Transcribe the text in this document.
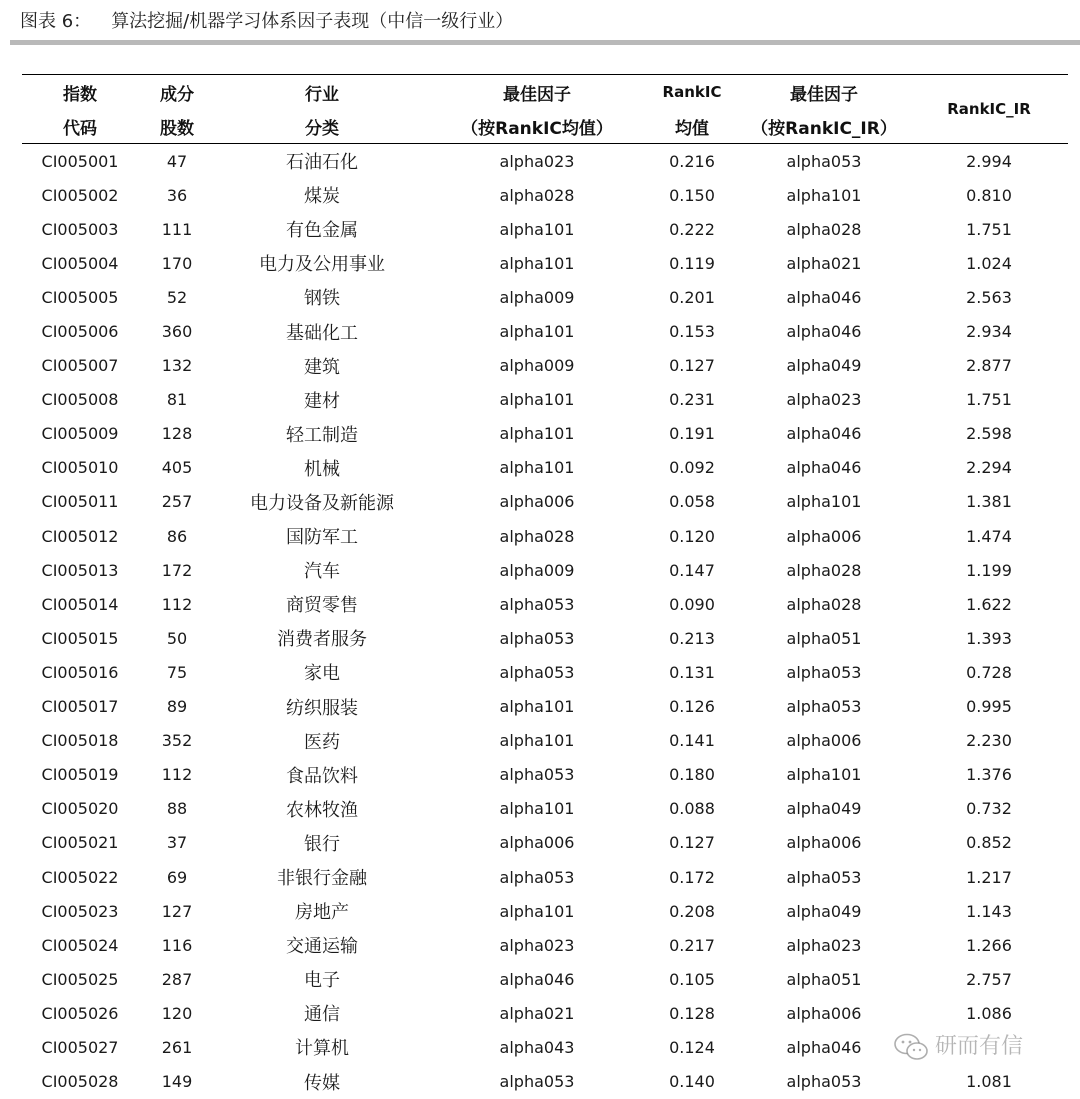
图表 6： 算法挖掘/机器学习体系因子表现（中信一级行业）
指数	成分	行业	最佳因子	RankIC	最佳因子	RankIC_IR
代码	股数	分类	（按RankIC均值）	均值	（按RankIC_IR）	
CI005001	47	石油石化	alpha023	0.216	alpha053	2.994
CI005002	36	煤炭	alpha028	0.150	alpha101	0.810
CI005003	111	有色金属	alpha101	0.222	alpha028	1.751
CI005004	170	电力及公用事业	alpha101	0.119	alpha021	1.024
CI005005	52	钢铁	alpha009	0.201	alpha046	2.563
CI005006	360	基础化工	alpha101	0.153	alpha046	2.934
CI005007	132	建筑	alpha009	0.127	alpha049	2.877
CI005008	81	建材	alpha101	0.231	alpha023	1.751
CI005009	128	轻工制造	alpha101	0.191	alpha046	2.598
CI005010	405	机械	alpha101	0.092	alpha046	2.294
CI005011	257	电力设备及新能源	alpha006	0.058	alpha101	1.381
CI005012	86	国防军工	alpha028	0.120	alpha006	1.474
CI005013	172	汽车	alpha009	0.147	alpha028	1.199
CI005014	112	商贸零售	alpha053	0.090	alpha028	1.622
CI005015	50	消费者服务	alpha053	0.213	alpha051	1.393
CI005016	75	家电	alpha053	0.131	alpha053	0.728
CI005017	89	纺织服装	alpha101	0.126	alpha053	0.995
CI005018	352	医药	alpha101	0.141	alpha006	2.230
CI005019	112	食品饮料	alpha053	0.180	alpha101	1.376
CI005020	88	农林牧渔	alpha101	0.088	alpha049	0.732
CI005021	37	银行	alpha006	0.127	alpha006	0.852
CI005022	69	非银行金融	alpha053	0.172	alpha053	1.217
CI005023	127	房地产	alpha101	0.208	alpha049	1.143
CI005024	116	交通运输	alpha023	0.217	alpha023	1.266
CI005025	287	电子	alpha046	0.105	alpha051	2.757
CI005026	120	通信	alpha021	0.128	alpha006	1.086
CI005027	261	计算机	alpha043	0.124	alpha046	
CI005028	149	传媒	alpha053	0.140	alpha053	1.081
研而有信
